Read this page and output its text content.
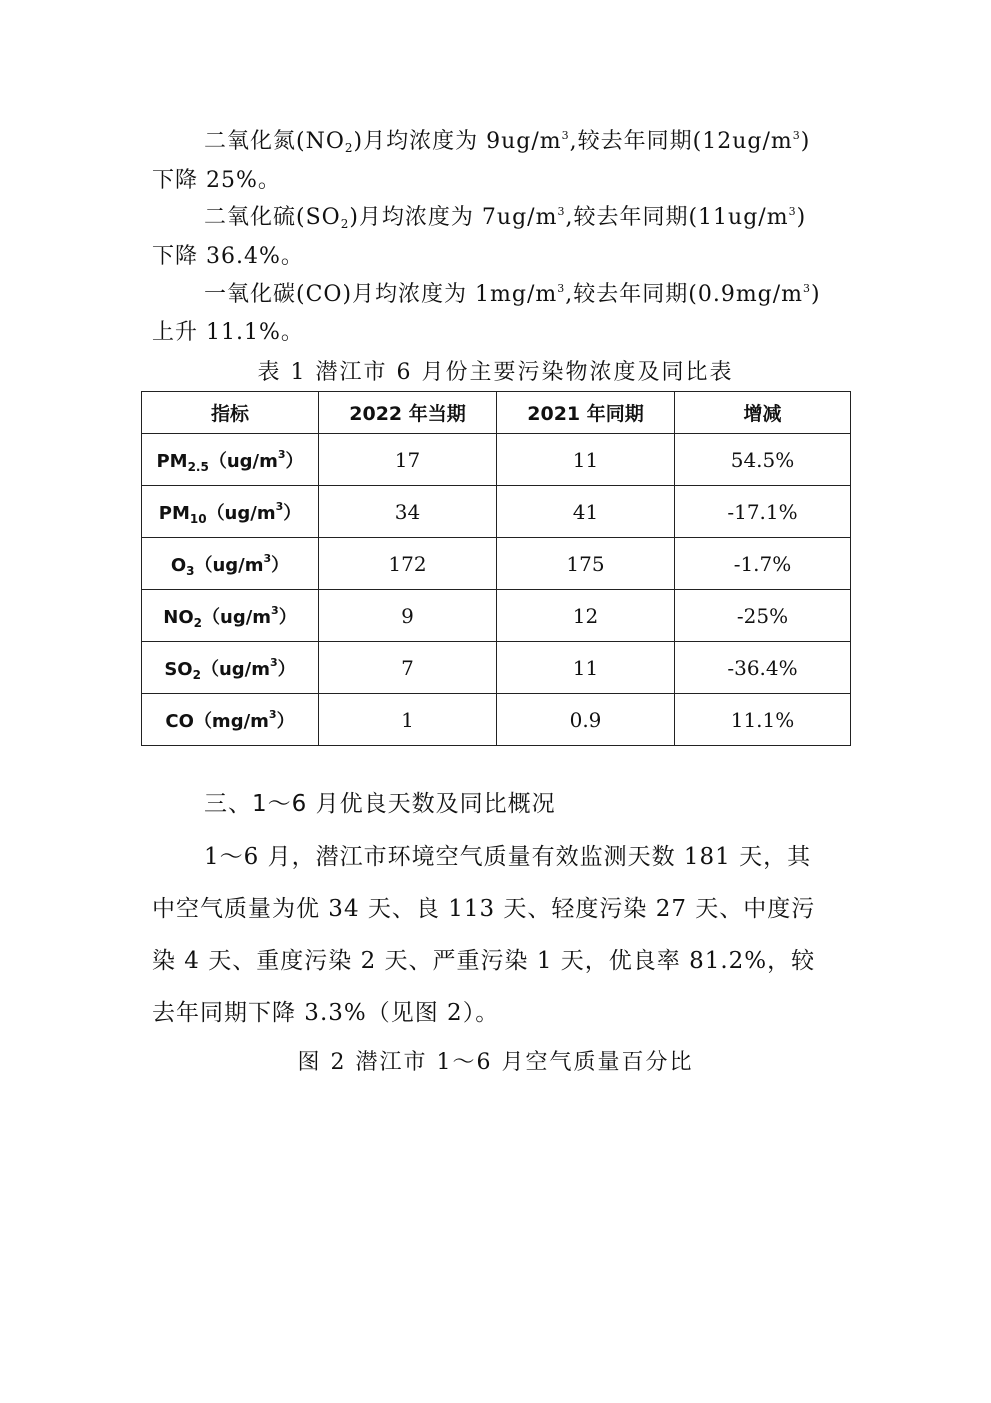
二氧化氮$(NO_2)$月均浓度为 $9ug/m^3$,较去年同期$(12ug/m^3)$
下降 25%。
二氧化硫$(SO_2)$月均浓度为 $7ug/m^3$,较去年同期$(11ug/m^3)$
下降 36.4%。
一氧化碳(CO)月均浓度为 $1mg/m^3$,较去年同期$(0.9mg/m^3)$
上升 11.1%。
表 1 潜江市 6 月份主要污染物浓度及同比表
指标	2022 年当期	2021 年同期	增减
$PM_{2.5}(ug/m^3)$	17	11	54.5%
$PM_{10}(ug/m^3)$	34	41	-17.1%
$O_3(ug/m^3)$	172	175	-1.7%
$NO_2(ug/m^3)$	9	12	-25%
$SO_2(ug/m^3)$	7	11	-36.4%
$CO(mg/m^3)$	1	0.9	11.1%
三、1～6 月优良天数及同比概况
1～6 月，潜江市环境空气质量有效监测天数 181 天，其
中空气质量为优 34 天、良 113 天、轻度污染 27 天、中度污
染 4 天、重度污染 2 天、严重污染 1 天，优良率 81.2%，较
去年同期下降 3.3%（见图 2）。
图 2 潜江市 1～6 月空气质量百分比
